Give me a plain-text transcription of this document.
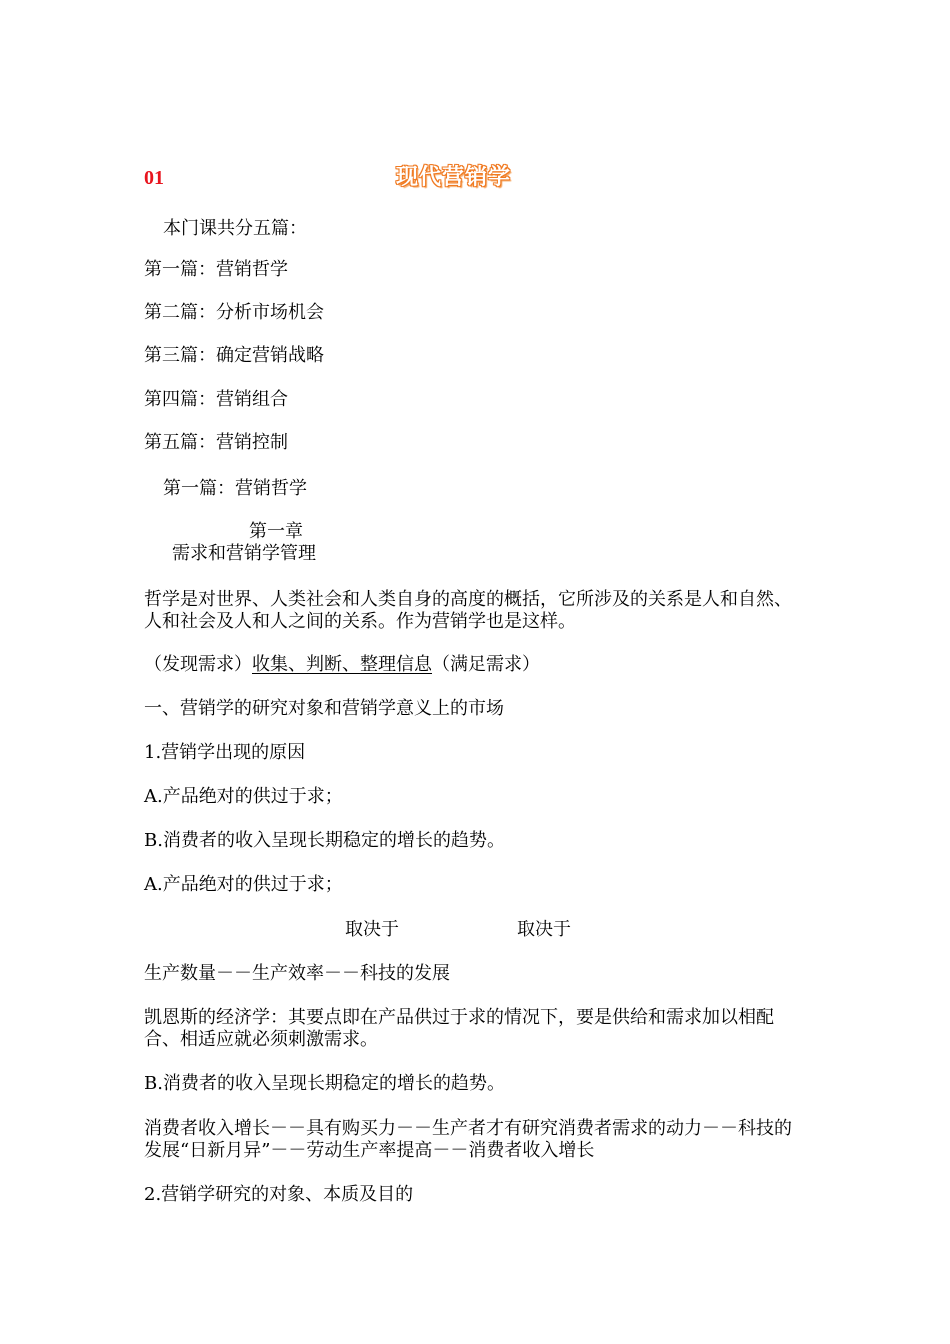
01	现代营销学
本门课共分五篇：
第一篇：营销哲学
第二篇：分析市场机会
第三篇：确定营销战略
第四篇：营销组合
第五篇：营销控制
第一篇：营销哲学
第一章
需求和营销学管理
哲学是对世界、人类社会和人类自身的高度的概括，它所涉及的关系是人和自然、人和社会及人和人之间的关系。作为营销学也是这样。
（发现需求）收集、判断、整理信息（满足需求）
一、营销学的研究对象和营销学意义上的市场
1.营销学出现的原因
A.产品绝对的供过于求；
B.消费者的收入呈现长期稳定的增长的趋势。
A.产品绝对的供过于求；
取决于	取决于
生产数量－－生产效率－－科技的发展
凯恩斯的经济学：其要点即在产品供过于求的情况下，要是供给和需求加以相配合、相适应就必须刺激需求。
B.消费者的收入呈现长期稳定的增长的趋势。
消费者收入增长－－具有购买力－－生产者才有研究消费者需求的动力－－科技的发展“日新月异”－－劳动生产率提高－－消费者收入增长
2.营销学研究的对象、本质及目的
